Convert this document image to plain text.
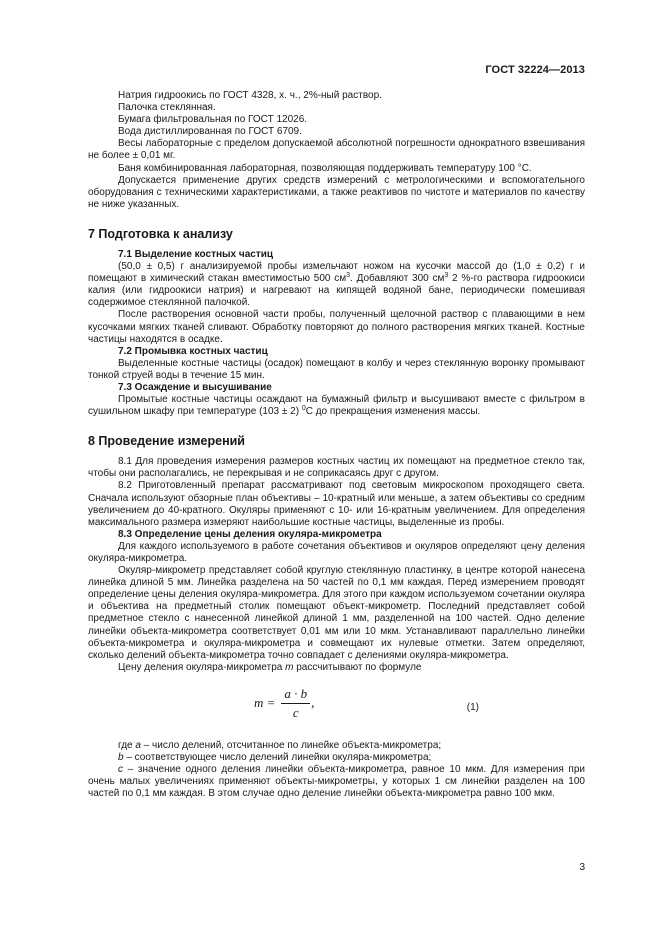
ГОСТ 32224—2013

Натрия гидроокись по ГОСТ 4328, х. ч., 2%-ный раствор.

Палочка стеклянная.

Бумага фильтровальная по ГОСТ 12026.

Вода дистиллированная по ГОСТ 6709.

Весы лабораторные с пределом допускаемой абсолютной погрешности однократного взвешивания не более ± 0,01 мг.

Баня комбинированная лабораторная, позволяющая поддерживать температуру 100 °С.

Допускается применение других средств измерений с метрологическими и вспомогательного оборудования с техническими характеристиками, а также реактивов по чистоте и материалов по качеству не ниже указанных.

7 Подготовка к анализу

7.1 Выделение костных частиц

(50,0 ± 0,5) г анализируемой пробы измельчают ножом на кусочки массой до (1,0 ± 0,2) г и помещают в химический стакан вместимостью 500 $см^3$. Добавляют 300 $см^3$ 2 %-го раствора гидроокиси калия (или гидроокиси натрия) и нагревают на кипящей водяной бане, периодически помешивая содержимое стеклянной палочкой.

После растворения основной части пробы, полученный щелочной раствор с плавающими в нем кусочками мягких тканей сливают. Обработку повторяют до полного растворения мягких тканей. Костные частицы находятся в осадке.

7.2 Промывка костных частиц

Выделенные костные частицы (осадок) помещают в колбу и через стеклянную воронку промывают тонкой струей воды в течение 15 мин.

7.3 Осаждение и высушивание

Промытые костные частицы осаждают на бумажный фильтр и высушивают вместе с фильтром в сушильном шкафу при температуре (103 ± 2) $^0$С до прекращения изменения массы.

8 Проведение измерений

8.1 Для проведения измерения размеров костных частиц их помещают на предметное стекло так, чтобы они располагались, не перекрывая и не соприкасаясь друг с другом.

8.2 Приготовленный препарат рассматривают под световым микроскопом проходящего света. Сначала используют обзорные план объективы – 10-кратный или меньше, а затем объективы со средним увеличением до 40-кратного. Окуляры применяют с 10- или 16-кратным увеличением. Для определения максимального размера измеряют наибольшие костные частицы, выделенные из пробы.

8.3 Определение цены деления окуляра-микрометра

Для каждого используемого в работе сочетания объективов и окуляров определяют цену деления окуляра-микрометра.

Окуляр-микрометр представляет собой круглую стеклянную пластинку, в центре которой нанесена линейка длиной 5 мм. Линейка разделена на 50 частей по 0,1 мм каждая. Перед измерением проводят определение цены деления окуляра-микрометра. Для этого при каждом используемом сочетании окуляра и объектива на предметный столик помещают объект-микрометр. Последний представляет собой предметное стекло с нанесенной линейкой длиной 1 мм, разделенной на 100 частей. Одно деление линейки объекта-микрометра соответствует 0,01 мм или 10 мкм. Устанавливают параллельно линейки объекта-микрометра и окуляра-микрометра и совмещают их нулевые отметки. Затем определяют, сколько делений объекта-микрометра точно совпадает с делениями окуляра-микрометра.

Цену деления окуляра-микрометра m рассчитывают по формуле

$m = \frac{a \cdot b}{c}$ ,	(1)

где a – число делений, отсчитанное по линейке объекта-микрометра;

b – соответствующее число делений линейки окуляра-микрометра;

c – значение одного деления линейки объекта-микрометра, равное 10 мкм. Для измерения при очень малых увеличениях применяют объекты-микрометры, у которых 1 см линейки разделен на 100 частей по 0,1 мм каждая. В этом случае одно деление линейки объекта-микрометра равно 100 мкм.

3
